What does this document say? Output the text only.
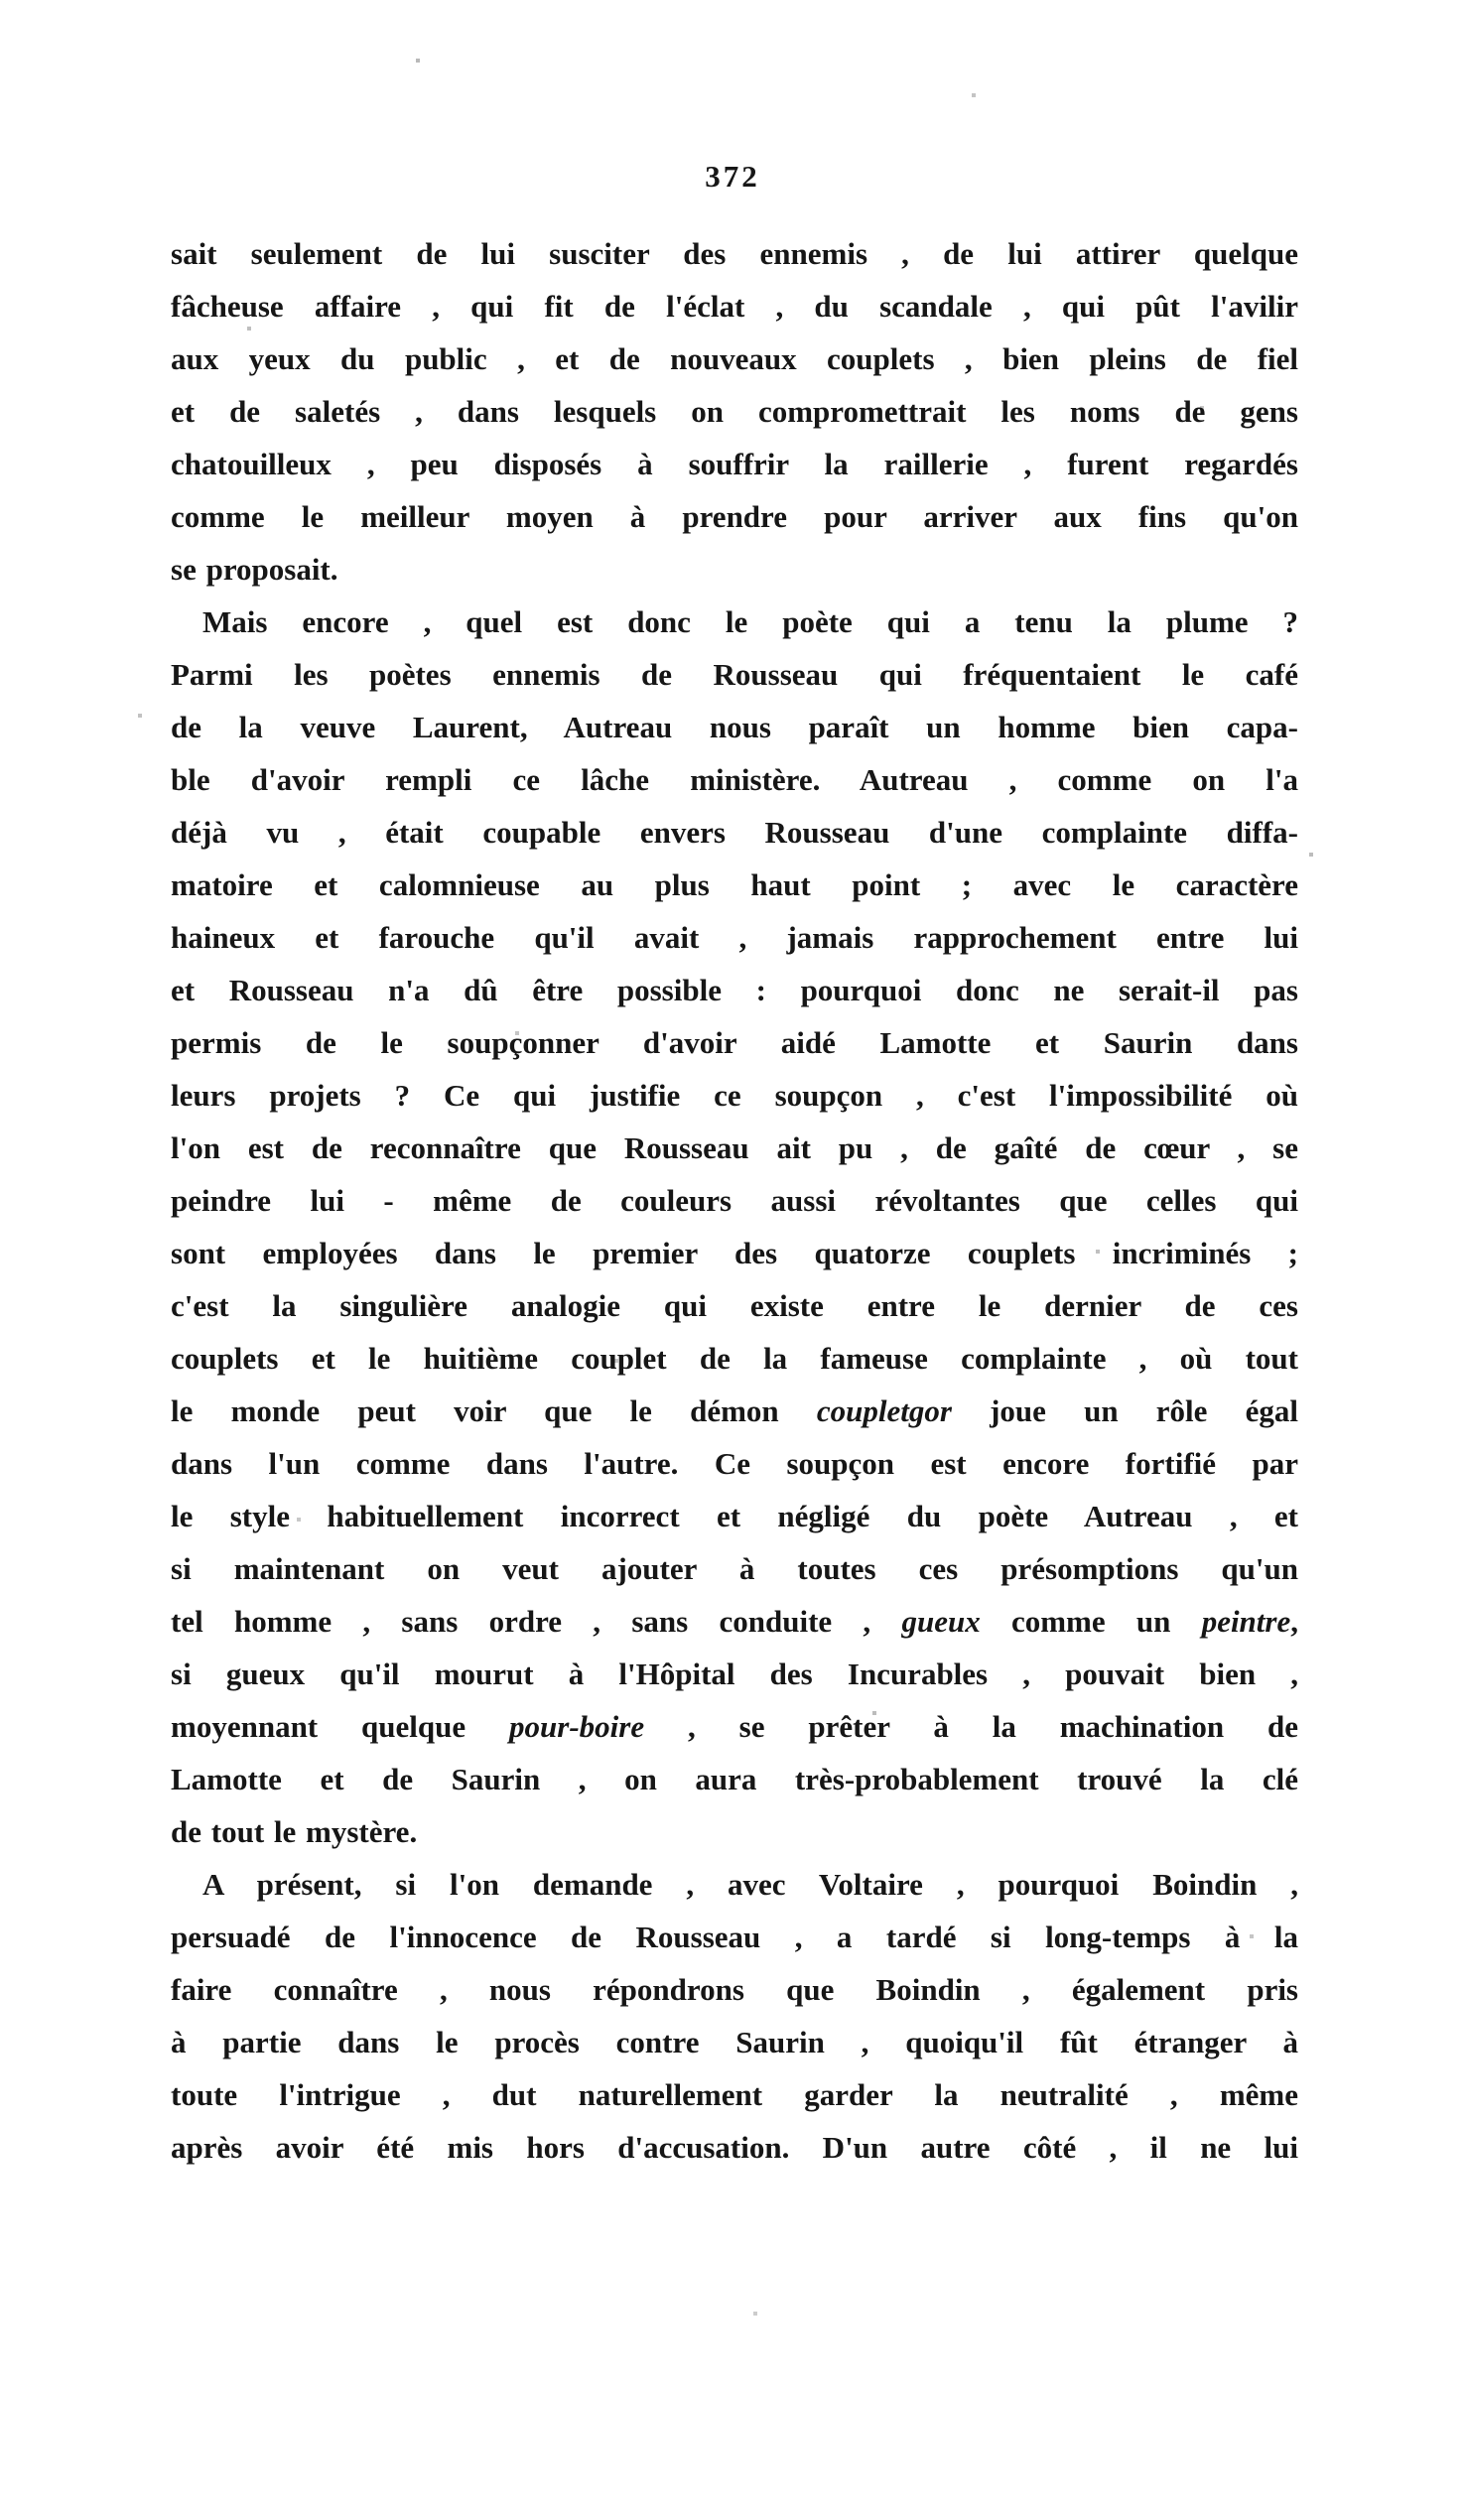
372
sait seulement de lui susciter des ennemis , de lui attirer quelque
fâcheuse affaire , qui fit de l'éclat , du scandale , qui pût l'avilir
aux yeux du public , et de nouveaux couplets , bien pleins de fiel
et de saletés , dans lesquels on compromettrait les noms de gens
chatouilleux , peu disposés à souffrir la raillerie , furent regardés
comme le meilleur moyen à prendre pour arriver aux fins qu'on
se proposait.
Mais encore , quel est donc le poète qui a tenu la plume ?
Parmi les poètes ennemis de Rousseau qui fréquentaient le café
de la veuve Laurent, Autreau nous paraît un homme bien capa-
ble d'avoir rempli ce lâche ministère. Autreau , comme on l'a
déjà vu , était coupable envers Rousseau d'une complainte diffa-
matoire et calomnieuse au plus haut point ; avec le caractère
haineux et farouche qu'il avait , jamais rapprochement entre lui
et Rousseau n'a dû être possible : pourquoi donc ne serait-il pas
permis de le soupçonner d'avoir aidé Lamotte et Saurin dans
leurs projets ? Ce qui justifie ce soupçon , c'est l'impossibilité où
l'on est de reconnaître que Rousseau ait pu , de gaîté de cœur , se
peindre lui - même de couleurs aussi révoltantes que celles qui
sont employées dans le premier des quatorze couplets incriminés ;
c'est la singulière analogie qui existe entre le dernier de ces
couplets et le huitième couplet de la fameuse complainte , où tout
le monde peut voir que le démon coupletgor joue un rôle égal
dans l'un comme dans l'autre. Ce soupçon est encore fortifié par
le style habituellement incorrect et négligé du poète Autreau , et
si maintenant on veut ajouter à toutes ces présomptions qu'un
tel homme , sans ordre , sans conduite , gueux comme un peintre,
si gueux qu'il mourut à l'Hôpital des Incurables , pouvait bien ,
moyennant quelque pour-boire , se prêter à la machination de
Lamotte et de Saurin , on aura très-probablement trouvé la clé
de tout le mystère.
A présent, si l'on demande , avec Voltaire , pourquoi Boindin ,
persuadé de l'innocence de Rousseau , a tardé si long-temps à la
faire connaître , nous répondrons que Boindin , également pris
à partie dans le procès contre Saurin , quoiqu'il fût étranger à
toute l'intrigue , dut naturellement garder la neutralité , même
après avoir été mis hors d'accusation. D'un autre côté , il ne lui
